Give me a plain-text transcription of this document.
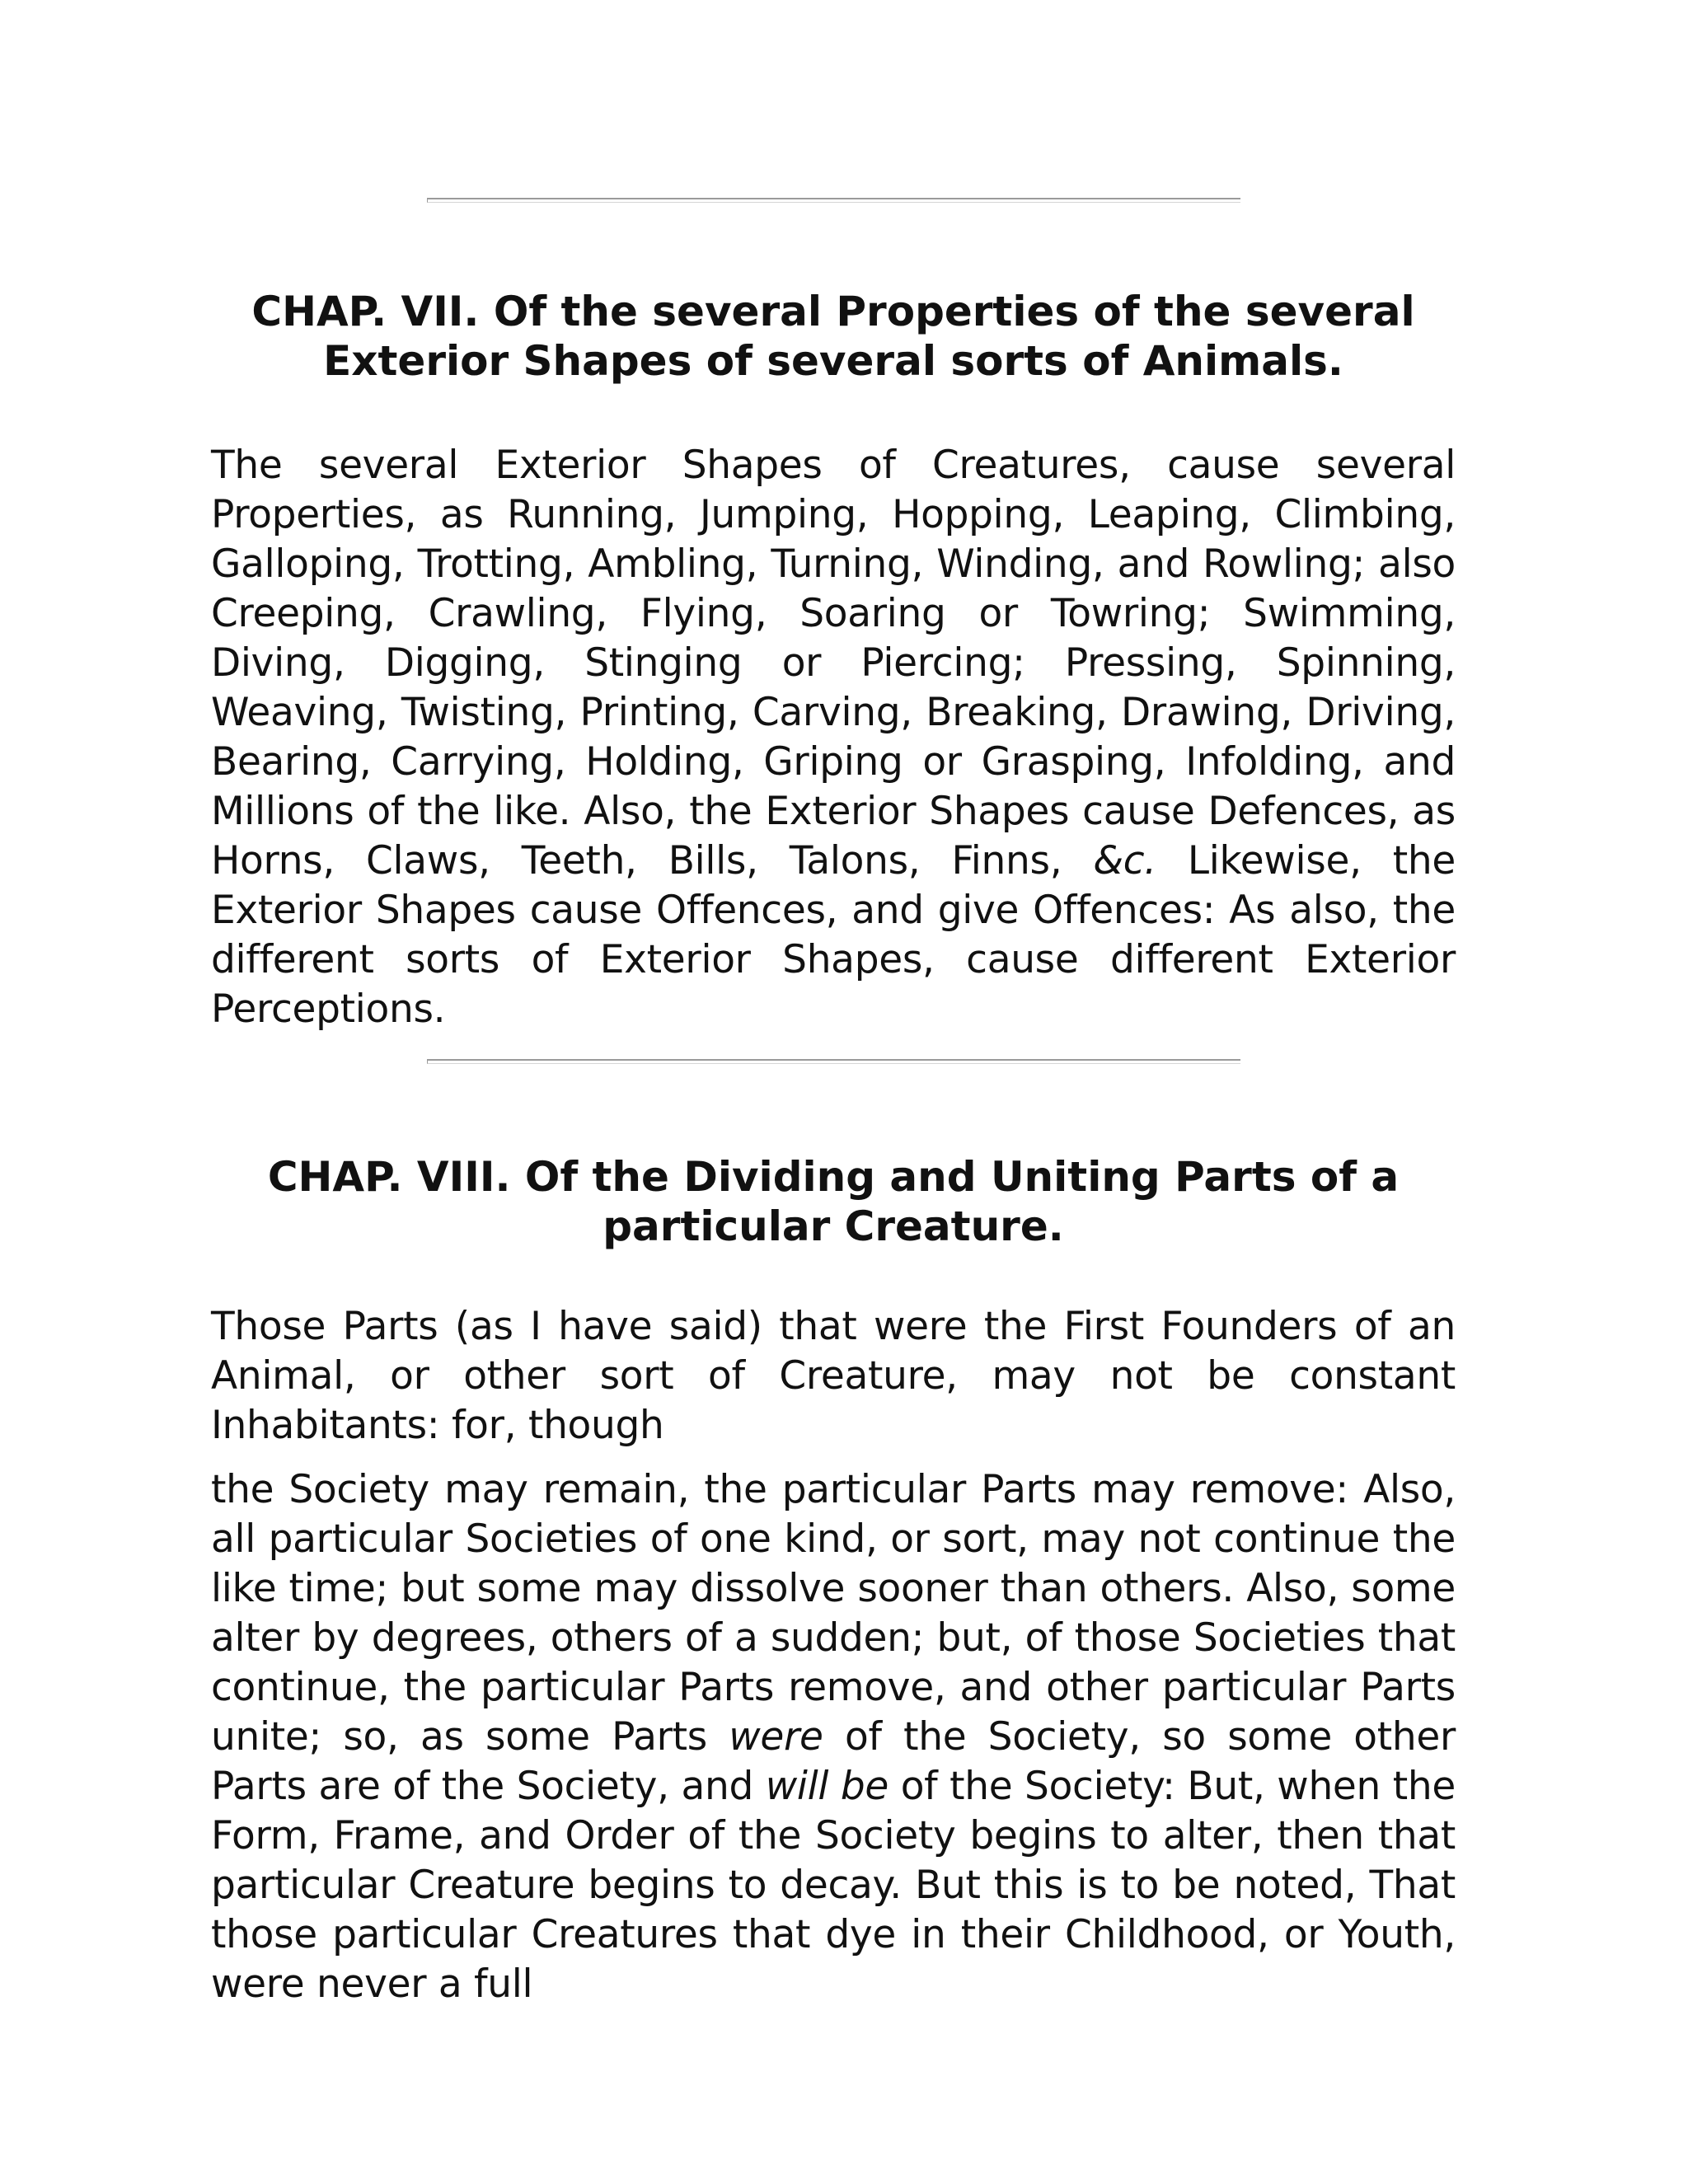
CHAP. VII. Of the several Properties of the several Exterior Shapes of several sorts of Animals.

The several Exterior Shapes of Creatures, cause several Properties, as Running, Jumping, Hopping, Leaping, Climbing, Galloping, Trotting, Ambling, Turning, Winding, and Rowling; also Creeping, Crawling, Flying, Soaring or Towring; Swimming, Diving, Digging, Stinging or Piercing; Pressing, Spinning, Weaving, Twisting, Printing, Carving, Breaking, Drawing, Driving, Bearing, Carrying, Holding, Griping or Grasping, Infolding, and Millions of the like. Also, the Exterior Shapes cause Defences, as Horns, Claws, Teeth, Bills, Talons, Finns, &c. Likewise, the Exterior Shapes cause Offences, and give Offences: As also, the different sorts of Exterior Shapes, cause different Exterior Perceptions.

CHAP. VIII. Of the Dividing and Uniting Parts of a particular Creature.

Those Parts (as I have said) that were the First Founders of an Animal, or other sort of Creature, may not be constant Inhabitants: for, though

the Society may remain, the particular Parts may remove: Also, all particular Societies of one kind, or sort, may not continue the like time; but some may dissolve sooner than others. Also, some alter by degrees, others of a sudden; but, of those Societies that continue, the particular Parts remove, and other particular Parts unite; so, as some Parts were of the Society, so some other Parts are of the Society, and will be of the Society: But, when the Form, Frame, and Order of the Society begins to alter, then that particular Creature begins to decay. But this is to be noted, That those particular Creatures that dye in their Childhood, or Youth, were never a full
